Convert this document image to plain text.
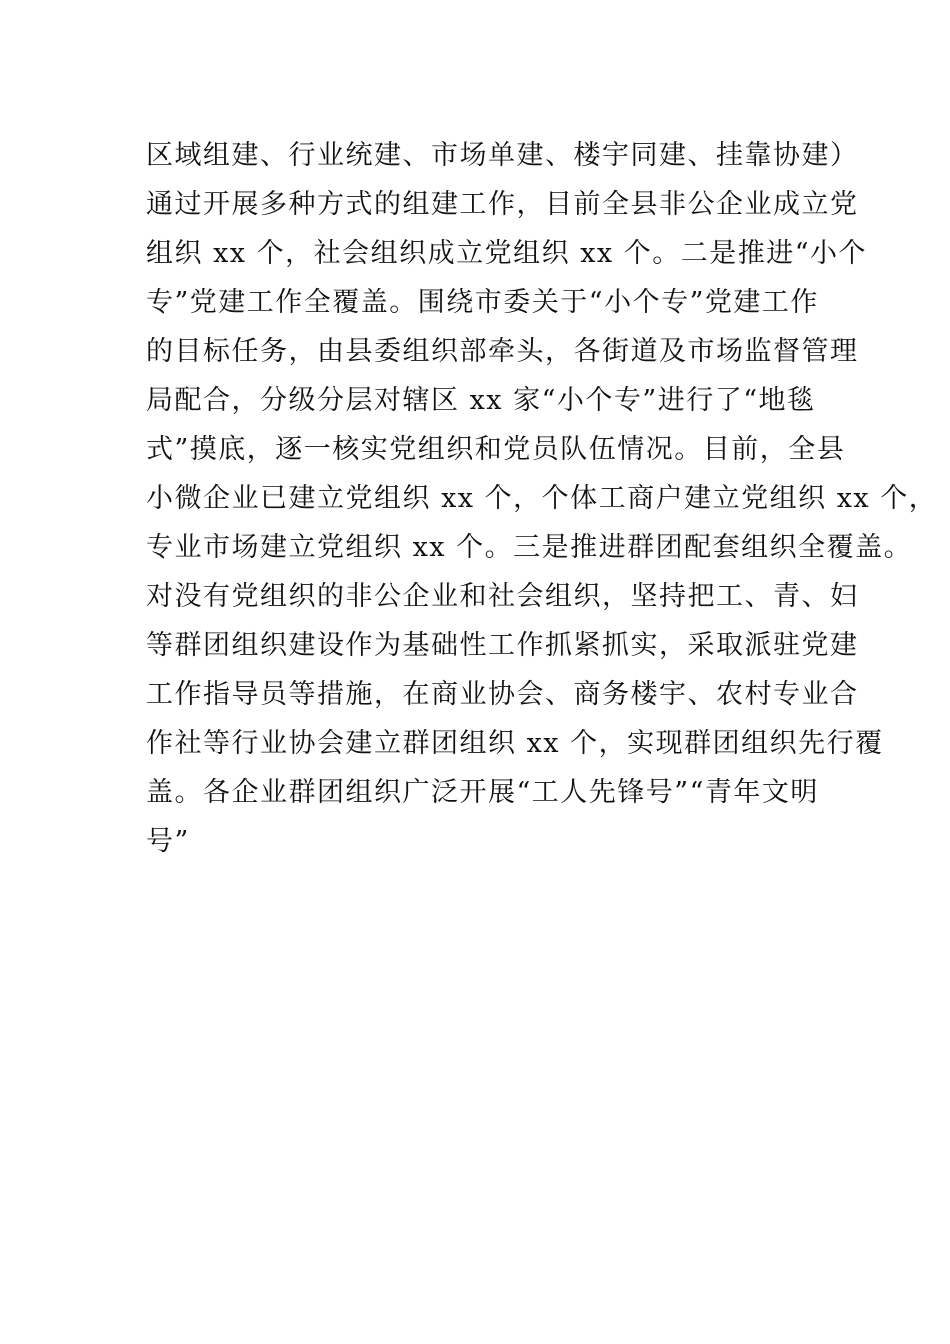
区域组建、行业统建、市场单建、楼宇同建、挂靠协建）
通过开展多种方式的组建工作，目前全县非公企业成立党
组织 xx 个，社会组织成立党组织 xx 个。二是推进“小个
专”党建工作全覆盖。围绕市委关于“小个专”党建工作
的目标任务，由县委组织部牵头，各街道及市场监督管理
局配合，分级分层对辖区 xx 家“小个专”进行了“地毯
式”摸底，逐一核实党组织和党员队伍情况。目前，全县
小微企业已建立党组织 xx 个，个体工商户建立党组织 xx 个，
专业市场建立党组织 xx 个。三是推进群团配套组织全覆盖。
对没有党组织的非公企业和社会组织，坚持把工、青、妇
等群团组织建设作为基础性工作抓紧抓实，采取派驻党建
工作指导员等措施，在商业协会、商务楼宇、农村专业合
作社等行业协会建立群团组织 xx 个，实现群团组织先行覆
盖。各企业群团组织广泛开展“工人先锋号”“青年文明
号”
